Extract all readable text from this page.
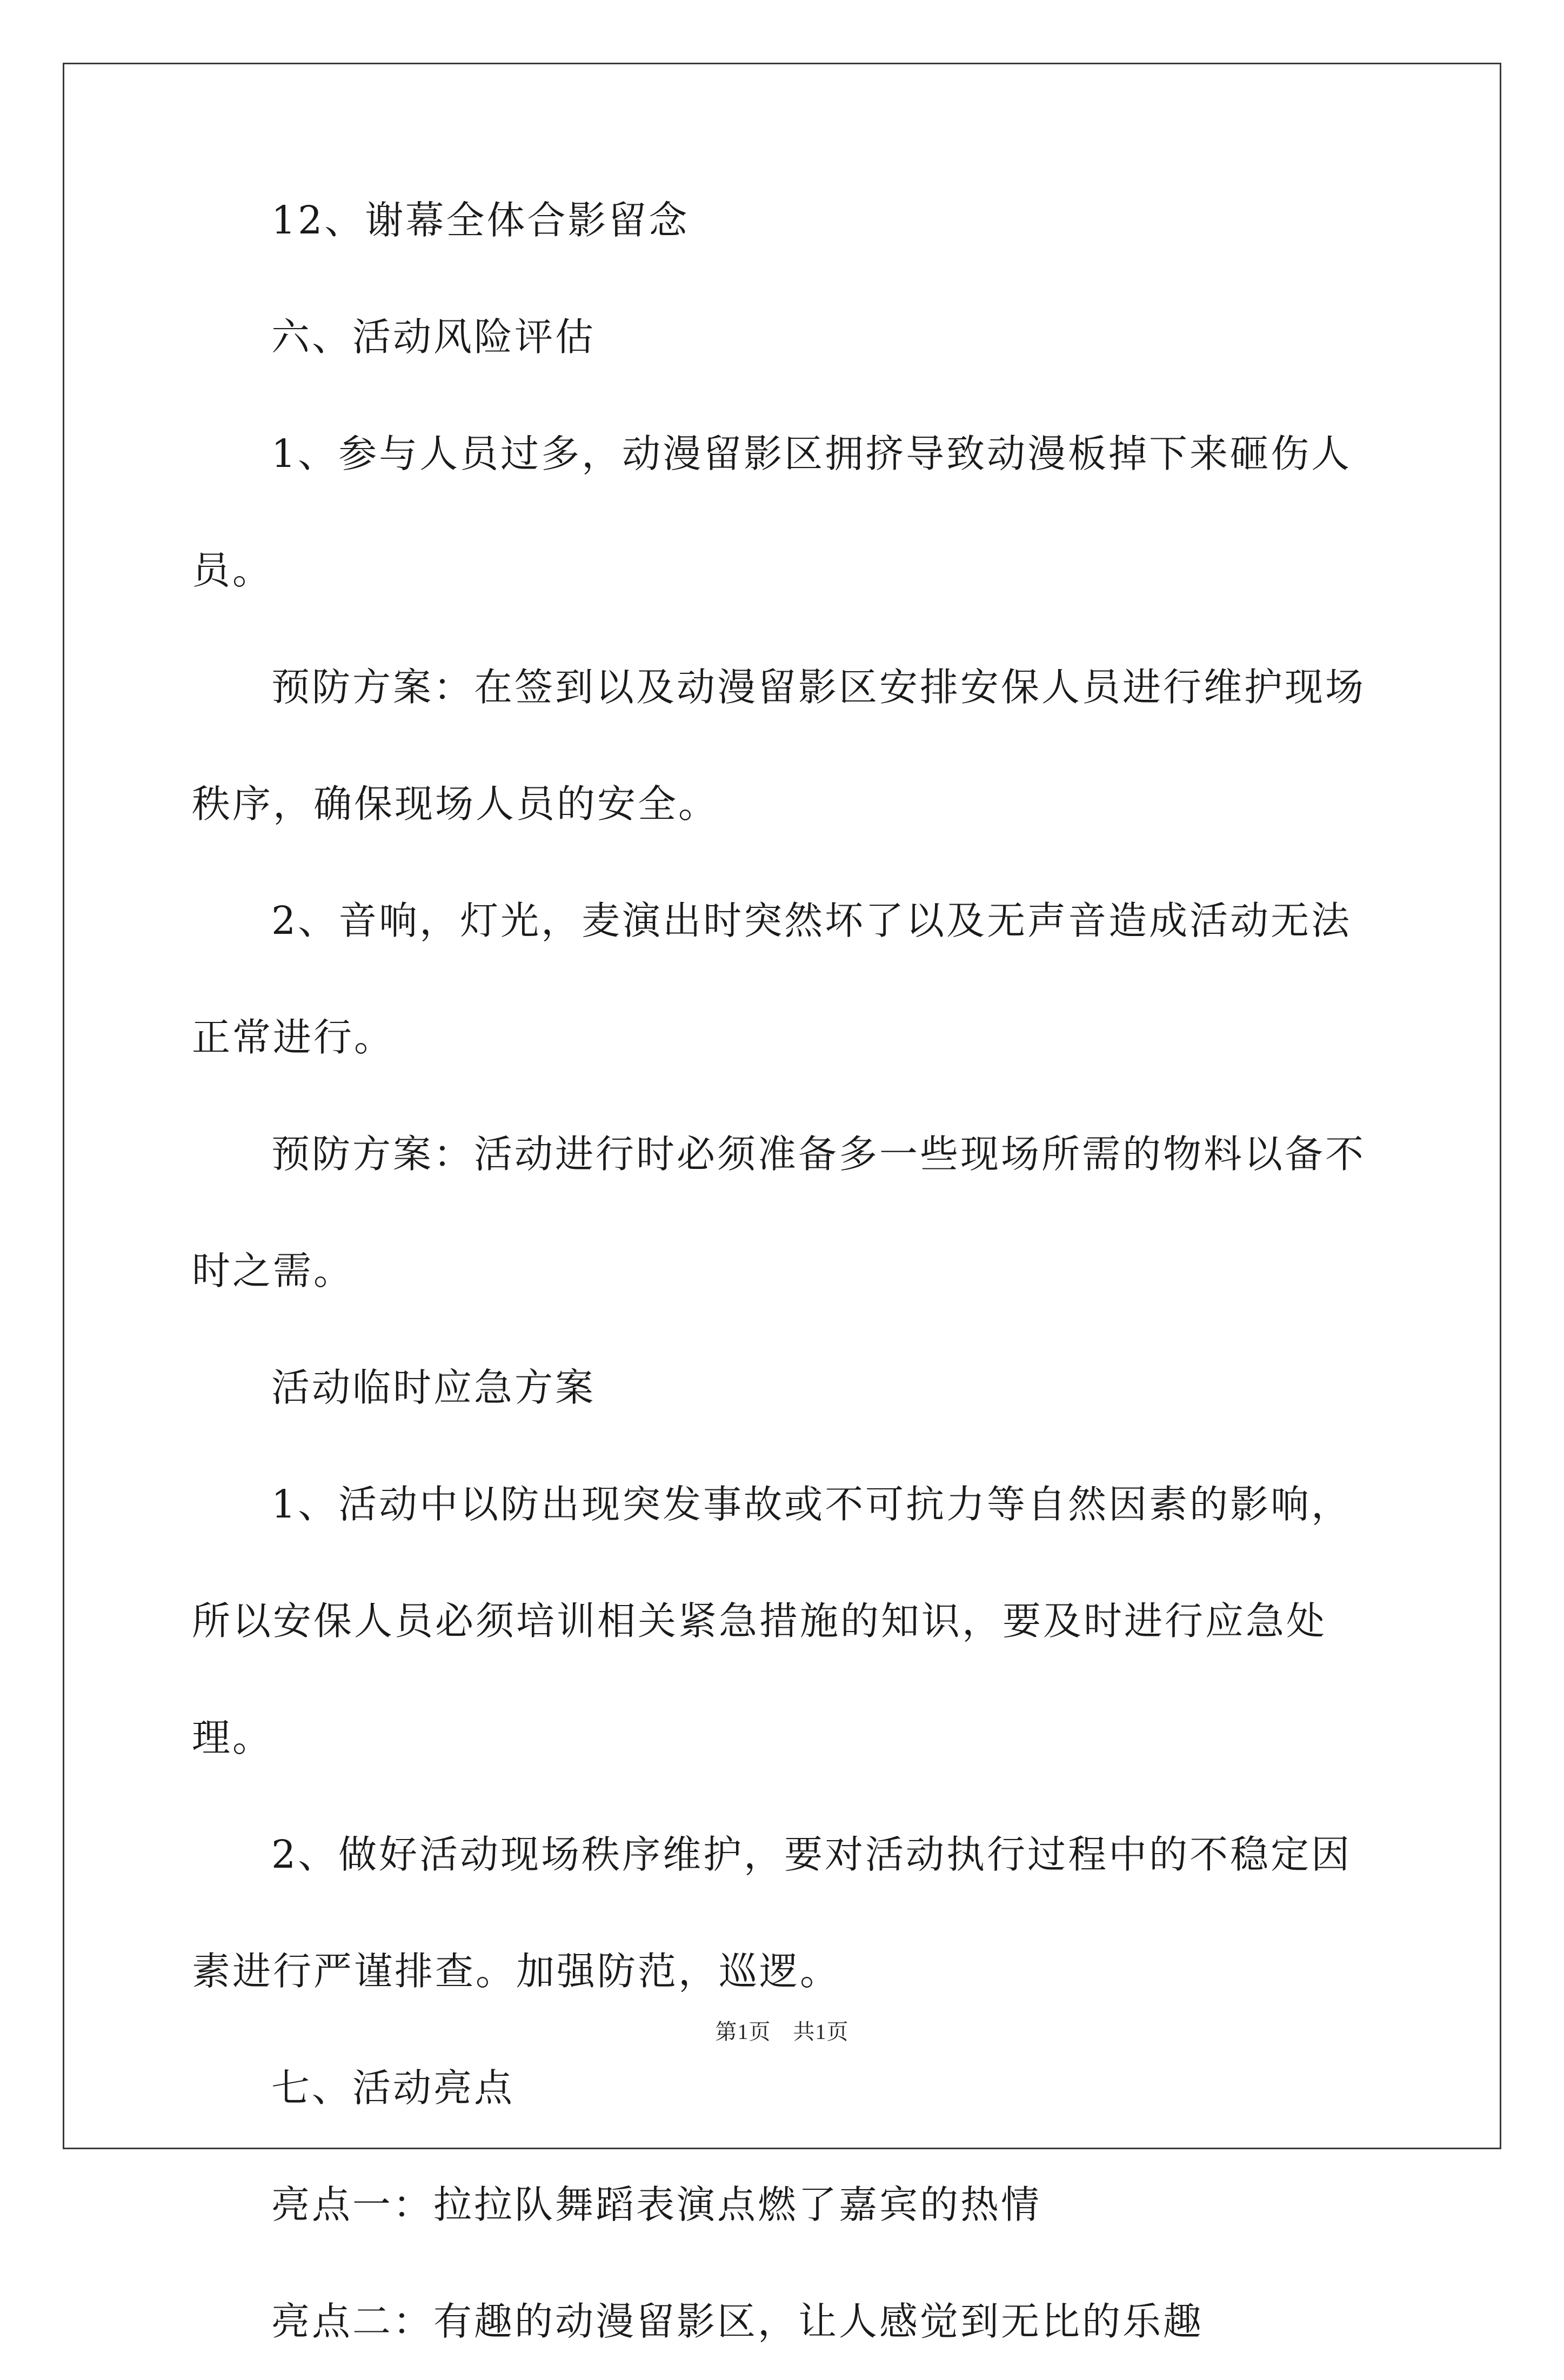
12、谢幕全体合影留念

六、活动风险评估

1、参与人员过多，动漫留影区拥挤导致动漫板掉下来砸伤人员。

预防方案：在签到以及动漫留影区安排安保人员进行维护现场秩序，确保现场人员的安全。

2、音响，灯光，麦演出时突然坏了以及无声音造成活动无法正常进行。

预防方案：活动进行时必须准备多一些现场所需的物料以备不时之需。

活动临时应急方案

1、活动中以防出现突发事故或不可抗力等自然因素的影响，所以安保人员必须培训相关紧急措施的知识，要及时进行应急处理。

2、做好活动现场秩序维护，要对活动执行过程中的不稳定因素进行严谨排查。加强防范，巡逻。

七、活动亮点

亮点一：拉拉队舞蹈表演点燃了嘉宾的热情

亮点二：有趣的动漫留影区，让人感觉到无比的乐趣

第1页　共1页
